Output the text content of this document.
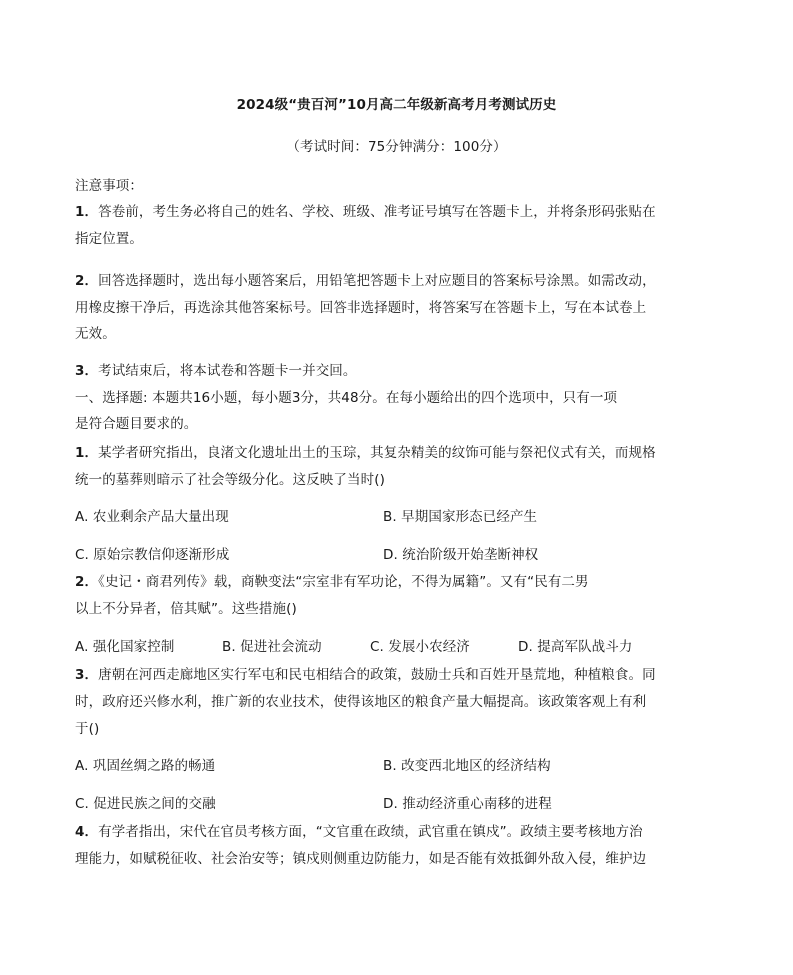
2024级“贵百河”10月高二年级新高考月考测试历史
（考试时间：75分钟满分：100分）
注意事项：
1．答卷前，考生务必将自己的姓名、学校、班级、准考证号填写在答题卡上，并将条形码张贴在
指定位置。
2．回答选择题时，选出每小题答案后，用铅笔把答题卡上对应题目的答案标号涂黑。如需改动，
用橡皮擦干净后，再选涂其他答案标号。回答非选择题时，将答案写在答题卡上，写在本试卷上
无效。
3．考试结束后，将本试卷和答题卡一并交回。
一、选择题: 本题共16小题，每小题3分，共48分。在每小题给出的四个选项中，只有一项
是符合题目要求的。
1．某学者研究指出，良渚文化遗址出土的玉琮，其复杂精美的纹饰可能与祭祀仪式有关，而规格
统一的墓葬则暗示了社会等级分化。这反映了当时()
A. 农业剩余产品大量出现	B. 早期国家形态已经产生
C. 原始宗教信仰逐渐形成	D. 统治阶级开始垄断神权
2．《史记・商君列传》载，商鞅变法“宗室非有军功论，不得为属籍”。又有“民有二男
以上不分异者，倍其赋”。这些措施()
A. 强化国家控制	B. 促进社会流动	C. 发展小农经济	D. 提高军队战斗力
3．唐朝在河西走廊地区实行军屯和民屯相结合的政策，鼓励士兵和百姓开垦荒地，种植粮食。同
时，政府还兴修水利，推广新的农业技术，使得该地区的粮食产量大幅提高。该政策客观上有利
于()
A. 巩固丝绸之路的畅通	B. 改变西北地区的经济结构
C. 促进民族之间的交融	D. 推动经济重心南移的进程
4．有学者指出，宋代在官员考核方面，“文官重在政绩，武官重在镇戍”。政绩主要考核地方治
理能力，如赋税征收、社会治安等；镇戍则侧重边防能力，如是否能有效抵御外敌入侵，维护边
